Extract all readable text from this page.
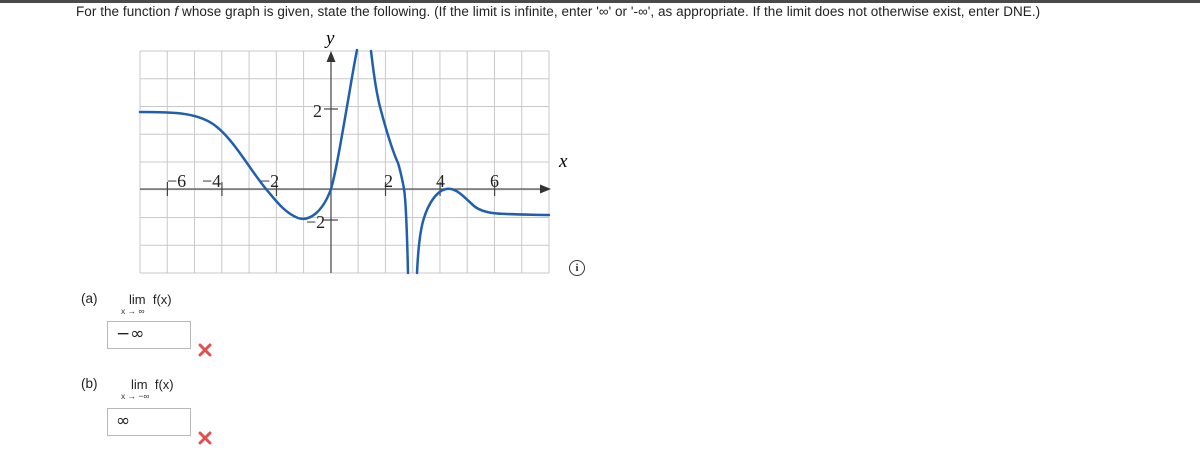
For the function f whose graph is given, state the following. (If the limit is infinite, enter '∞' or '-∞', as appropriate. If the limit does not otherwise exist, enter DNE.)
y
x
−6 −4 −2	2 4	6
2
−2
i
(a) lim f(x)
x → ∞
−∞
(b)	lim f(x)
x → −∞
∞
